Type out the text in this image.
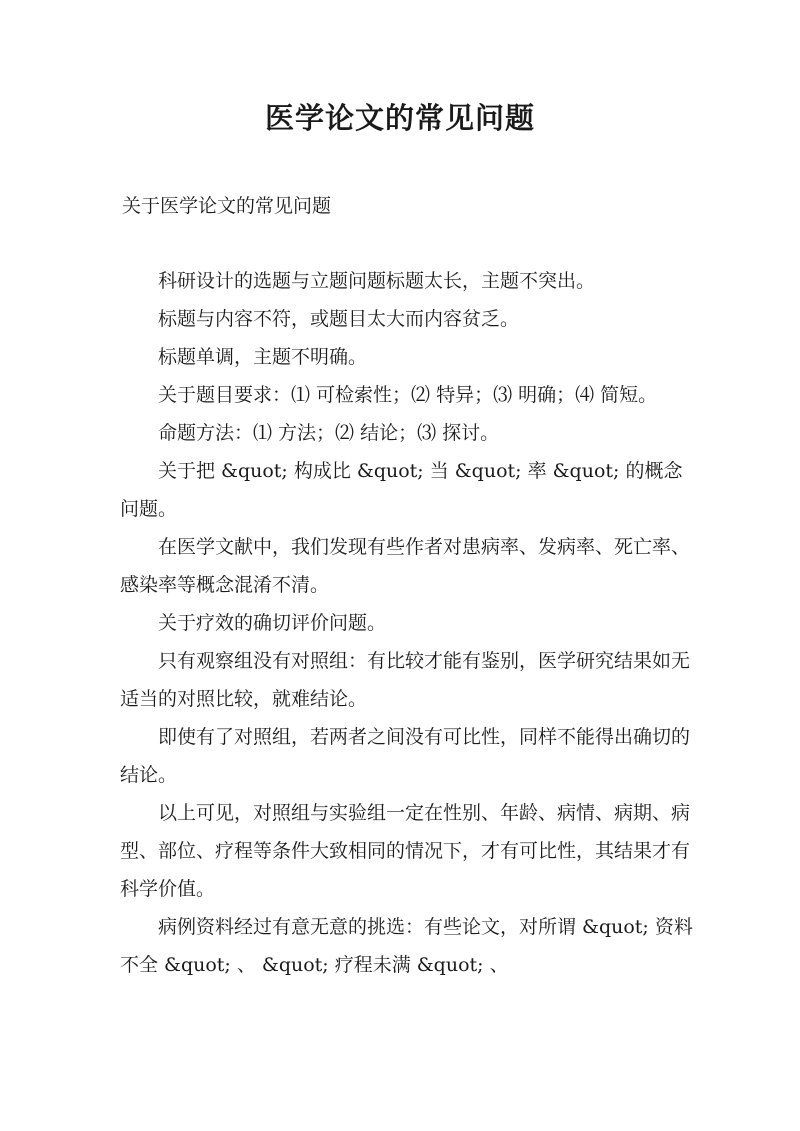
医学论文的常见问题

关于医学论文的常见问题

科研设计的选题与立题问题标题太长，主题不突出。

标题与内容不符，或题目太大而内容贫乏。

标题单调，主题不明确。

关于题目要求：⑴ 可检索性；⑵ 特异；⑶ 明确；⑷ 简短。

命题方法：⑴ 方法；⑵ 结论；⑶ 探讨。

关于把 &quot; 构成比 &quot; 当 &quot; 率 &quot; 的概念问题。

在医学文献中，我们发现有些作者对患病率、发病率、死亡率、感染率等概念混淆不清。

关于疗效的确切评价问题。

只有观察组没有对照组：有比较才能有鉴别，医学研究结果如无适当的对照比较，就难结论。

即使有了对照组，若两者之间没有可比性，同样不能得出确切的结论。

以上可见，对照组与实验组一定在性别、年龄、病情、病期、病型、部位、疗程等条件大致相同的情况下，才有可比性，其结果才有科学价值。

病例资料经过有意无意的挑选：有些论文，对所谓 &quot; 资料不全 &quot; 、 &quot; 疗程未满 &quot; 、
